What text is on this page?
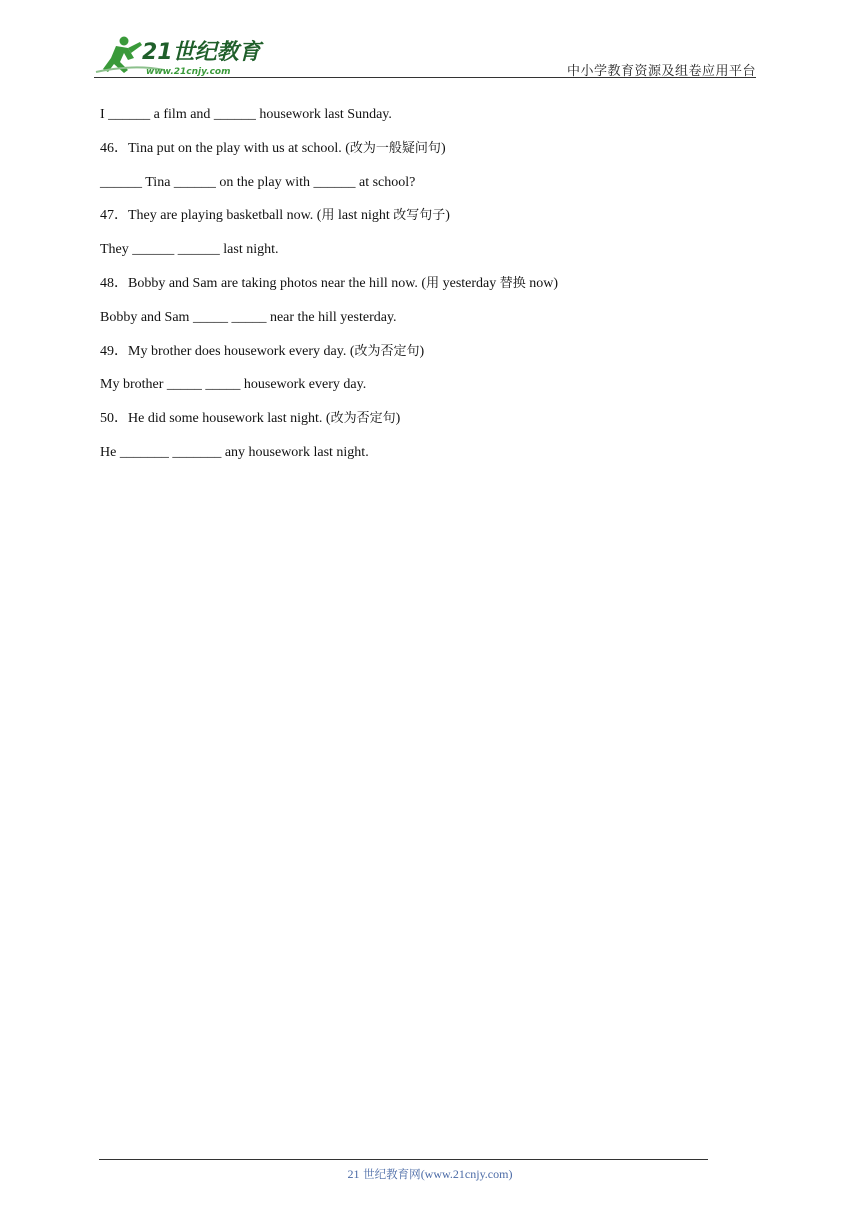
21世纪教育
www.21cnjy.com	中小学教育资源及组卷应用平台
I ______ a film and ______ housework last Sunday.
46．Tina put on the play with us at school. (改为一般疑问句)
______ Tina ______ on the play with ______ at school?
47．They are playing basketball now. (用 last night 改写句子)
They ______ ______ last night.
48．Bobby and Sam are taking photos near the hill now. (用 yesterday 替换 now)
Bobby and Sam _____ _____ near the hill yesterday.
49．My brother does housework every day. (改为否定句)
My brother _____ _____ housework every day.
50．He did some housework last night. (改为否定句)
He _______ _______ any housework last night.
21 世纪教育网(www.21cnjy.com)
